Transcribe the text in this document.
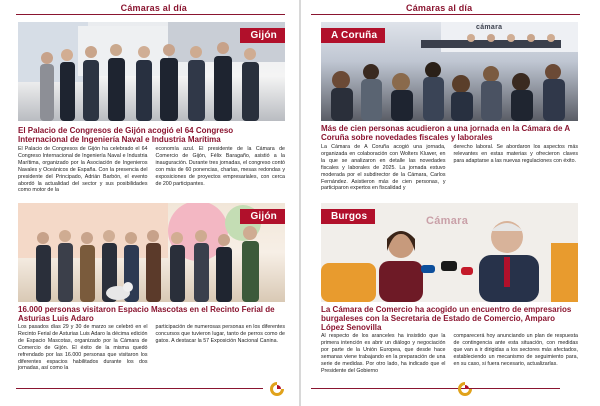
Cámaras al día
Gijón
El Palacio de Congresos de Gijón acogió el 64 Congreso Internacional de Ingeniería Naval e Industria Marítima

El Palacio de Congresos de Gijón ha celebrado el 64 Congreso Internacional de Ingeniería Naval e Industria Marítima, organizado por la Asociación de Ingenieros Navales y Oceánicos de España. Con la presencia del presidente del Principado, Adrián Barbón, el evento abordó la actualidad del sector y sus posibilidades como motor de la

economía azul. El presidente de la Cámara de Comercio de Gijón, Félix Baragaño, asistió a la inauguración. Durante tres jornadas, el congreso contó con más de 60 ponencias, charlas, mesas redondas y exposiciones de proyectos empresariales, con cerca de 200 participantes.

Gijón
16.000 personas visitaron Espacio Mascotas en el Recinto Ferial de Asturias Luis Adaro

Los pasados días 29 y 30 de marzo se celebró en el Recinto Ferial de Asturias Luis Adaro la décima edición de Espacio Mascotas, organizado por la Cámara de Comercio de Gijón. El éxito de la misma quedó refrendado por las 16.000 personas que visitaron los diferentes espacios habilitados durante los dos jornadas, así como la

participación de numerosas personas en los diferentes concursos que tuvieron lugar, tanto de perros como de gatos. A destacar la 57 Exposición Nacional Canina.

Cámaras al día
cámara
A Coruña
Más de cien personas acudieron a una jornada en la Cámara de A Coruña sobre novedades fiscales y laborales

La Cámara de A Coruña acogió una jornada, organizada en colaboración con Wolters Kluwer, en la que se analizaron en detalle las novedades fiscales y laborales de 2025. La jornada estuvo moderada por el subdirector de la Cámara, Carlos Fernández. Asistieron más de cien personas, y participaron expertos en fiscalidad y

derecho laboral. Se abordaron los aspectos más relevantes en estas materias y ofrecieron claves para adaptarse a las nuevas regulaciones con éxito.

Cámara
Burgos
La Cámara de Comercio ha acogido un encuentro de empresarios burgaleses con la Secretaria de Estado de Comercio, Amparo López Senovilla

Al respecto de los aranceles ha insistido que la primera intención es abrir un diálogo y negociación por parte de la Unión Europea, que desde hace semanas viene trabajando en la preparación de una serie de medidas. Por otro lado, ha indicado que el Presidente del Gobierno

comparecerá hoy anunciando un plan de respuesta de contingencia ante esta situación, con medidas que van a ir dirigidas a los sectores más afectados, estableciendo un mecanismo de seguimiento para, en su caso, si fuera necesario, actualizarlas.
